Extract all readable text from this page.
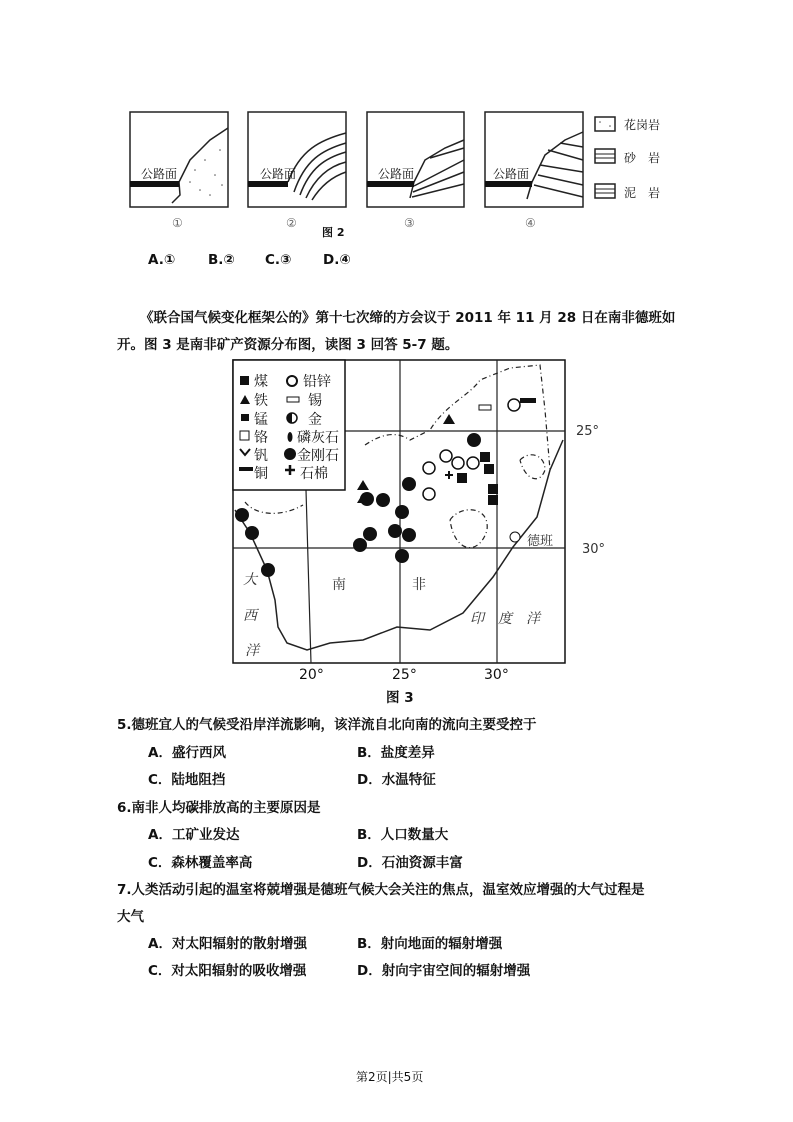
公路面	公路面	公路面	公路面
①	②	③	④
图 2
花岗岩
砂　岩
泥　岩
A.① B.② C.③ D.④
《联合国气候变化框架公的》第十七次缔的方会议于 2011 年 11 月 28 日在南非德班如
开。图 3 是南非矿产资源分布图，读图 3 回答 5-7 题。
煤
铁
锰
铬
钒
铜
铅锌
锡
金
磷灰石
金刚石
石棉
大
西
洋
南	非
印　度　洋
德班
20°	25°	30°
25°
30°
图 3
5.德班宜人的气候受沿岸洋流影响，该洋流自北向南的流向主要受控于
A．盛行西风	B．盐度差异
C．陆地阻挡	D．水温特征
6.南非人均碳排放高的主要原因是
A．工矿业发达	B．人口数量大
C．森林覆盖率高	D．石油资源丰富
7.人类活动引起的温室将兢增强是德班气候大会关注的焦点，温室效应增强的大气过程是
大气
A．对太阳辐射的散射增强	B．射向地面的辐射增强
C．对太阳辐射的吸收增强	D．射向宇宙空间的辐射增强
第2页|共5页
